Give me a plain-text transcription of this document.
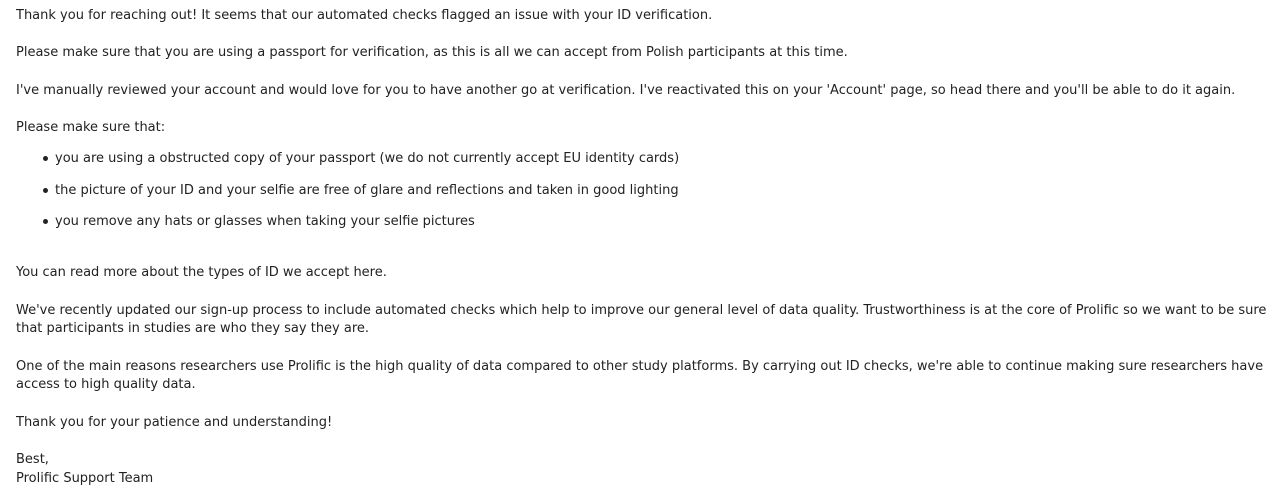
Thank you for reaching out! It seems that our automated checks flagged an issue with your ID verification.

Please make sure that you are using a passport for verification, as this is all we can accept from Polish participants at this time.

I've manually reviewed your account and would love for you to have another go at verification. I've reactivated this on your 'Account' page, so head there and you'll be able to do it again.

Please make sure that:

you are using a obstructed copy of your passport (we do not currently accept EU identity cards)
the picture of your ID and your selfie are free of glare and reflections and taken in good lighting
you remove any hats or glasses when taking your selfie pictures

You can read more about the types of ID we accept here.

We've recently updated our sign-up process to include automated checks which help to improve our general level of data quality. Trustworthiness is at the core of Prolific so we want to be sure that participants in studies are who they say they are.

One of the main reasons researchers use Prolific is the high quality of data compared to other study platforms. By carrying out ID checks, we're able to continue making sure researchers have access to high quality data.

Thank you for your patience and understanding!

Best,

Prolific Support Team
